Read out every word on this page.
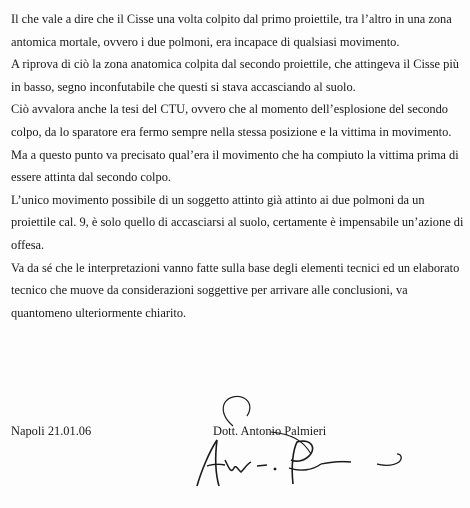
Il che vale a dire che il Cisse una volta colpito dal primo proiettile, tra l’altro in una zona
antomica mortale, ovvero i due polmoni, era incapace di qualsiasi movimento.
A riprova di ciò la zona anatomica colpita dal secondo proiettile, che attingeva il Cisse più
in basso, segno inconfutabile che questi si stava accasciando al suolo.
Ciò avvalora anche la tesi del CTU, ovvero che al momento dell’esplosione del secondo
colpo, da lo sparatore era fermo sempre nella stessa posizione e la vittima in movimento.
Ma a questo punto va precisato qual’era il movimento che ha compiuto la vittima prima di
essere attinta dal secondo colpo.
L’unico movimento possibile di un soggetto attinto già attinto ai due polmoni da un
proiettile cal. 9, è solo quello di accasciarsi al suolo, certamente è impensabile un’azione di
offesa.
Va da sé che le interpretazioni vanno fatte sulla base degli elementi tecnici ed un elaborato
tecnico che muove da considerazioni soggettive per arrivare alle conclusioni, va
quantomeno ulteriormente chiarito.
Napoli 21.01.06	Dott. Antonio Palmieri
